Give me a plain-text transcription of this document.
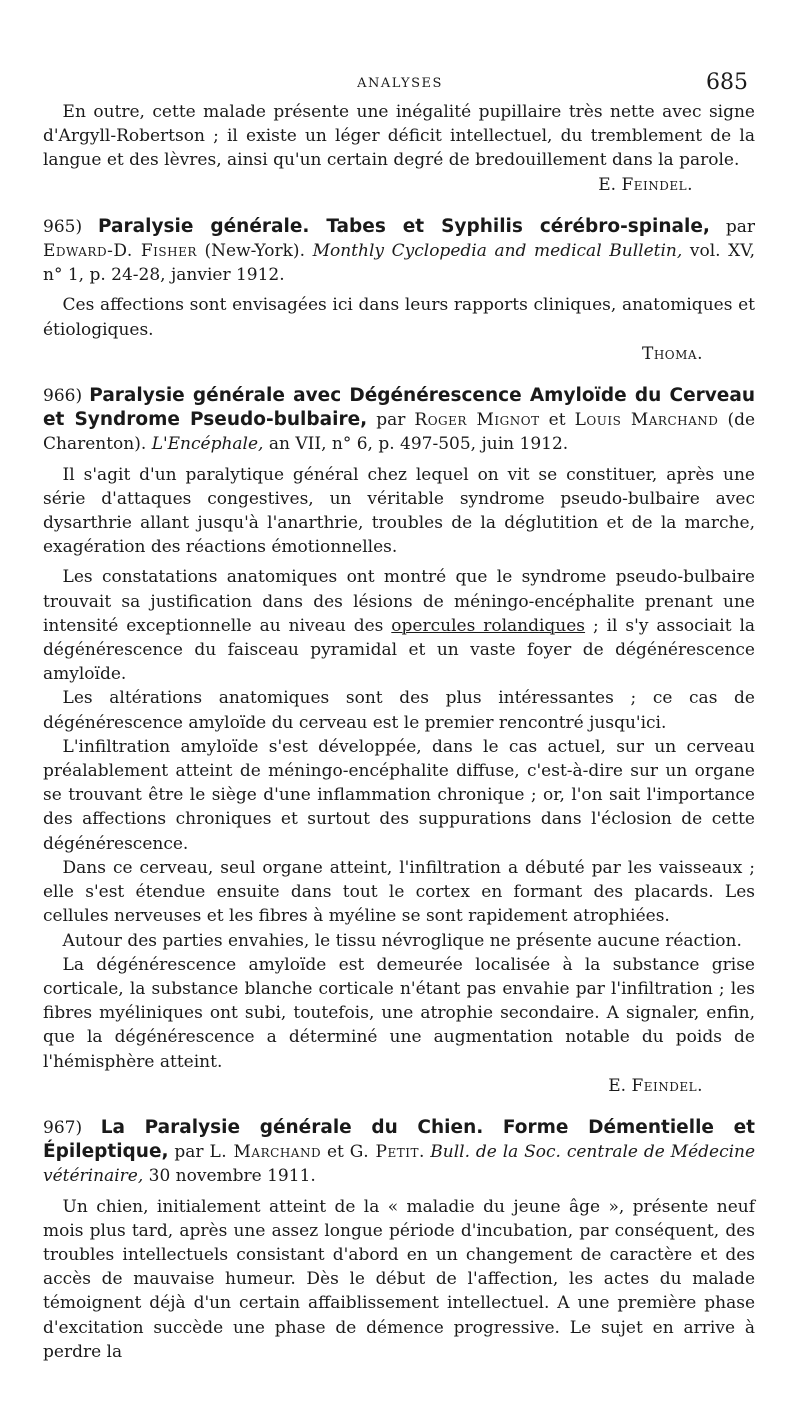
ANALYSES	685

En outre, cette malade présente une inégalité pupillaire très nette avec signe d'Argyll-Robertson ; il existe un léger déficit intellectuel, du tremblement de la langue et des lèvres, ainsi qu'un certain degré de bredouillement dans la parole.

E. Feindel.

965) Paralysie générale. Tabes et Syphilis cérébro-spinale, par Edward-D. Fisher (New-York). Monthly Cyclopedia and medical Bulletin, vol. XV, n° 1, p. 24-28, janvier 1912.

Ces affections sont envisagées ici dans leurs rapports cliniques, anatomiques et étiologiques.

Thoma.

966) Paralysie générale avec Dégénérescence Amyloïde du Cerveau et Syndrome Pseudo-bulbaire, par Roger Mignot et Louis Marchand (de Charenton). L'Encéphale, an VII, n° 6, p. 497-505, juin 1912.

Il s'agit d'un paralytique général chez lequel on vit se constituer, après une série d'attaques congestives, un véritable syndrome pseudo-bulbaire avec dysarthrie allant jusqu'à l'anarthrie, troubles de la déglutition et de la marche, exagération des réactions émotionnelles.

Les constatations anatomiques ont montré que le syndrome pseudo-bulbaire trouvait sa justification dans des lésions de méningo-encéphalite prenant une intensité exceptionnelle au niveau des opercules rolandiques ; il s'y associait la dégénérescence du faisceau pyramidal et un vaste foyer de dégénérescence amyloïde.

Les altérations anatomiques sont des plus intéressantes ; ce cas de dégénérescence amyloïde du cerveau est le premier rencontré jusqu'ici.

L'infiltration amyloïde s'est développée, dans le cas actuel, sur un cerveau préalablement atteint de méningo-encéphalite diffuse, c'est-à-dire sur un organe se trouvant être le siège d'une inflammation chronique ; or, l'on sait l'importance des affections chroniques et surtout des suppurations dans l'éclosion de cette dégénérescence.

Dans ce cerveau, seul organe atteint, l'infiltration a débuté par les vaisseaux ; elle s'est étendue ensuite dans tout le cortex en formant des placards. Les cellules nerveuses et les fibres à myéline se sont rapidement atrophiées.

Autour des parties envahies, le tissu névroglique ne présente aucune réaction.

La dégénérescence amyloïde est demeurée localisée à la substance grise corticale, la substance blanche corticale n'étant pas envahie par l'infiltration ; les fibres myéliniques ont subi, toutefois, une atrophie secondaire. A signaler, enfin, que la dégénérescence a déterminé une augmentation notable du poids de l'hémisphère atteint.

E. Feindel.

967) La Paralysie générale du Chien. Forme Démentielle et Épileptique, par L. Marchand et G. Petit. Bull. de la Soc. centrale de Médecine vétérinaire, 30 novembre 1911.

Un chien, initialement atteint de la « maladie du jeune âge », présente neuf mois plus tard, après une assez longue période d'incubation, par conséquent, des troubles intellectuels consistant d'abord en un changement de caractère et des accès de mauvaise humeur. Dès le début de l'affection, les actes du malade témoignent déjà d'un certain affaiblissement intellectuel. A une première phase d'excitation succède une phase de démence progressive. Le sujet en arrive à perdre la
